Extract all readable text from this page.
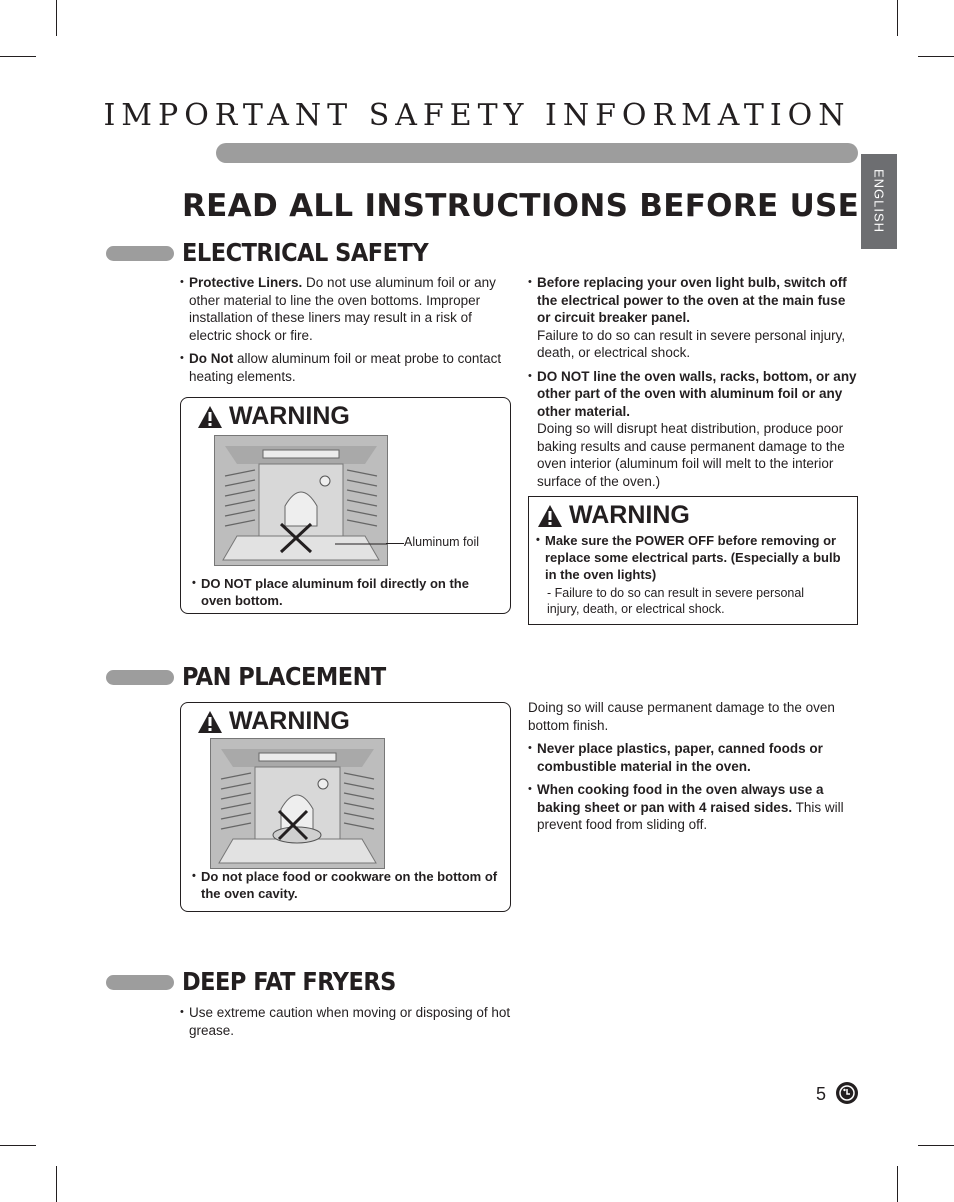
IMPORTANT SAFETY INFORMATION
ENGLISH
READ ALL INSTRUCTIONS BEFORE USE
ELECTRICAL SAFETY
• Protective Liners. Do not use aluminum foil or any other material to line the oven bottoms. Improper installation of these liners may result in a risk of electric shock or fire.
• Do Not allow aluminum foil or meat probe to contact heating elements.
WARNING
Aluminum foil
• DO NOT place aluminum foil directly on the oven bottom.
• Before replacing your oven light bulb, switch off the electrical power to the oven at the main fuse or circuit breaker panel.
Failure to do so can result in severe personal injury, death, or electrical shock.
• DO NOT line the oven walls, racks, bottom, or any other part of the oven with aluminum foil or any other material.
Doing so will disrupt heat distribution, produce poor baking results and cause permanent damage to the oven interior (aluminum foil will melt to the interior surface of the oven.)
WARNING
• Make sure the POWER OFF before removing or replace some electrical parts. (Especially a bulb in the oven lights)
- Failure to do so can result in severe personal injury, death, or electrical shock.
PAN PLACEMENT
WARNING
• Do not place food or cookware on the bottom of the oven cavity.
Doing so will cause permanent damage to the oven bottom finish.
• Never place plastics, paper, canned foods or combustible material in the oven.
• When cooking food in the oven always use a baking sheet or pan with 4 raised sides. This will prevent food from sliding off.
DEEP FAT FRYERS
• Use extreme caution when moving or disposing of hot grease.
5
